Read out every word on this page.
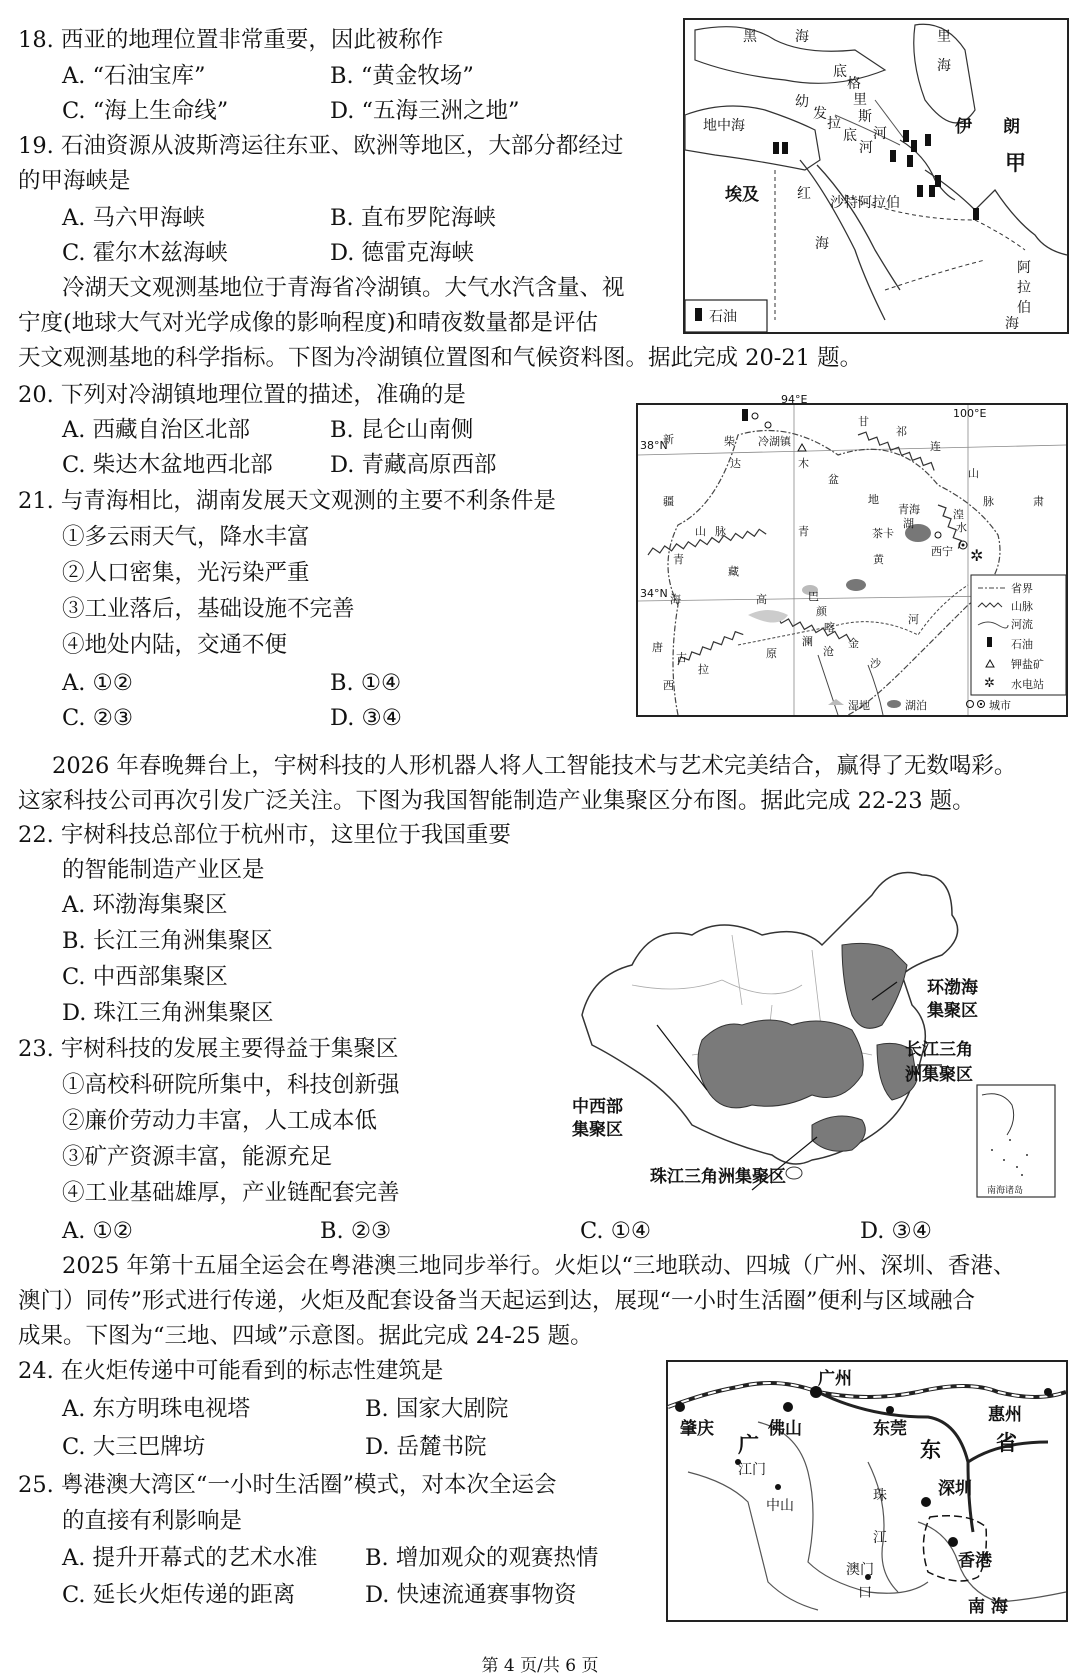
18. 西亚的地理位置非常重要，因此被称作
A. “石油宝库”	B. “黄金牧场”
C. “海上生命线”	D. “五海三洲之地”
19. 石油资源从波斯湾运往东亚、欧洲等地区，大部分都经过
的甲海峡是
A. 马六甲海峡	B. 直布罗陀海峡
C. 霍尔木兹海峡	D. 德雷克海峡
黑	海	里
海
地中海
埃及	沙特阿拉伯
伊 朗
红
海
阿
拉
伯
海
甲
底
格
里
斯
河
幼
发
拉
底
河
石油
冷湖天文观测基地位于青海省冷湖镇。大气水汽含量、视
宁度(地球大气对光学成像的影响程度)和晴夜数量都是评估
天文观测基地的科学指标。下图为冷湖镇位置图和气候资料图。据此完成 20-21 题。
20. 下列对冷湖镇地理位置的描述，准确的是
A. 西藏自治区北部	B. 昆仑山南侧
C. 柴达木盆地西北部	D. 青藏高原西部
21. 与青海相比，湖南发展天文观测的主要不利条件是
①多云雨天气，降水丰富
②人口密集，光污染严重
③工业落后，基础设施不完善
④地处内陆，交通不便
A. ①②	B. ①④
C. ②③	D. ③④
✲
94°E
100°E
38°N
34°N
新
疆
柴
达	木
盆
地
冷湖镇
甘
肃
祁
连
山
脉
山 脉
青
海
青
青海
湖
茶卡
西宁
黄
河
湟
水
藏
高
原
巴
颜
喀
澜
沧
金
沙
唐
古
拉
西	✲
省界
山脉
河流
石油
钾盐矿
水电站
湿地	湖泊	城市
2026 年春晚舞台上，宇树科技的人形机器人将人工智能技术与艺术完美结合，赢得了无数喝彩。
这家科技公司再次引发广泛关注。下图为我国智能制造产业集聚区分布图。据此完成 22-23 题。
22. 宇树科技总部位于杭州市，这里位于我国重要
的智能制造产业区是
A. 环渤海集聚区
B. 长江三角洲集聚区
C. 中西部集聚区
D. 珠江三角洲集聚区
23. 宇树科技的发展主要得益于集聚区
①高校科研院所集中，科技创新强
②廉价劳动力丰富，人工成本低
③矿产资源丰富，能源充足
④工业基础雄厚，产业链配套完善
A. ①②	B. ②③	C. ①④	D. ③④
环渤海
集聚区
长江三角
洲集聚区
中西部
集聚区
南海诸岛
珠江三角洲集聚区
2025 年第十五届全运会在粤港澳三地同步举行。火炬以“三地联动、四城（广州、深圳、香港、
澳门）同传”形式进行传递，火炬及配套设备当天起运到达，展现“一小时生活圈”便利与区域融合
成果。下图为“三地、四域”示意图。据此完成 24-25 题。
24. 在火炬传递中可能看到的标志性建筑是
A. 东方明珠电视塔	B. 国家大剧院
C. 大三巴牌坊	D. 岳麓书院
25. 粤港澳大湾区“一小时生活圈”模式，对本次全运会
的直接有利影响是
A. 提升开幕式的艺术水准 B. 增加观众的观赛热情
C. 延长火炬传递的距离	D. 快速流通赛事物资
广州
肇庆	佛山	东莞
惠州
广	东	省
江门
中山
深圳
香港
澳门
珠
江
口
南 海
第 4 页/共 6 页
